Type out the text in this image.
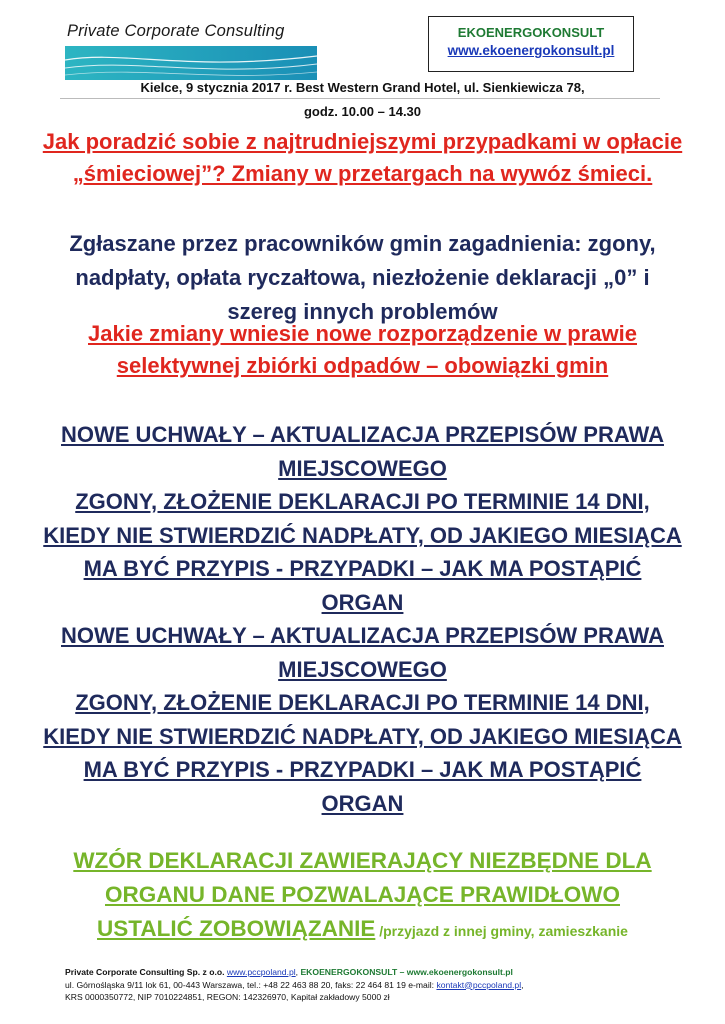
Private Corporate Consulting	EKOENERGOKONSULT
www.ekoenergokonsult.pl
Kielce, 9 stycznia 2017 r. Best Western Grand Hotel, ul. Sienkiewicza 78,
godz. 10.00 – 14.30
Jak poradzić sobie z najtrudniejszymi przypadkami w opłacie „śmieciowej”? Zmiany w przetargach na wywóz śmieci.
Zgłaszane przez pracowników gmin zagadnienia: zgony, nadpłaty, opłata ryczałtowa, niezłożenie deklaracji „0” i szereg innych problemów
Jakie zmiany wniesie nowe rozporządzenie w prawie selektywnej zbiórki odpadów – obowiązki gmin
NOWE UCHWAŁY – AKTUALIZACJA PRZEPISÓW PRAWA MIEJSCOWEGO
ZGONY, ZŁOŻENIE DEKLARACJI PO TERMINIE 14 DNI, KIEDY NIE STWIERDZIĆ NADPŁATY, OD JAKIEGO MIESIĄCA MA BYĆ PRZYPIS - PRZYPADKI – JAK MA POSTĄPIĆ ORGAN
NOWE UCHWAŁY – AKTUALIZACJA PRZEPISÓW PRAWA MIEJSCOWEGO
ZGONY, ZŁOŻENIE DEKLARACJI PO TERMINIE 14 DNI, KIEDY NIE STWIERDZIĆ NADPŁATY, OD JAKIEGO MIESIĄCA MA BYĆ PRZYPIS - PRZYPADKI – JAK MA POSTĄPIĆ ORGAN
WZÓR DEKLARACJI ZAWIERAJĄCY NIEZBĘDNE DLA
ORGANU DANE POZWALAJĄCE PRAWIDŁOWO
USTALIĆ ZOBOWIĄZANIE /przyjazd z innej gminy, zamieszkanie
Private Corporate Consulting Sp. z o.o. www.pccpoland.pl, EKOENERGOKONSULT – www.ekoenergokonsult.pl
ul. Górnośląska 9/11 lok 61, 00-443 Warszawa, tel.: +48 22 463 88 20, faks: 22 464 81 19 e-mail: kontakt@pccpoland.pl,
KRS 0000350772, NIP 7010224851, REGON: 142326970, Kapitał zakładowy 5000 zł
